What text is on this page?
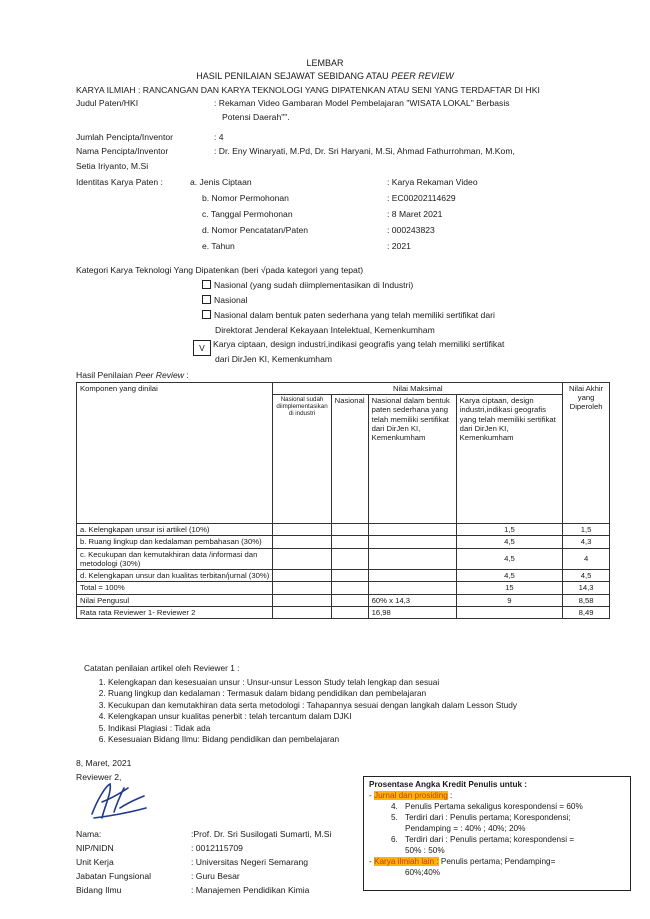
LEMBAR
HASIL PENILAIAN SEJAWAT SEBIDANG ATAU PEER REVIEW
KARYA ILMIAH : RANCANGAN DAN KARYA TEKNOLOGI YANG DIPATENKAN ATAU SENI YANG TERDAFTAR DI HKI
Judul Paten/HKI	: Rekaman Video Gambaran Model Pembelajaran "WISATA LOKAL" Berbasis
Potensi Daerah"".
Jumlah Pencipta/Inventor	: 4
Nama Pencipta/Inventor	: Dr. Eny Winaryati, M.Pd, Dr. Sri Haryani, M.Si, Ahmad Fathurrohman, M.Kom,
Setia Iriyanto, M.Si
Identitas Karya Paten :	a. Jenis Ciptaan	: Karya Rekaman Video
b. Nomor Permohonan	: EC00202114629
c. Tanggal Permohonan	: 8 Maret 2021
d. Nomor Pencatatan/Paten	: 000243823
e. Tahun	: 2021
Kategori Karya Teknologi Yang Dipatenkan (beri √pada kategori yang tepat)
Nasional (yang sudah diimplementasikan di Industri)
Nasional
Nasional dalam bentuk paten sederhana yang telah memiliki sertifikat dari
Direktorat Jenderal Kekayaan Intelektual, Kemenkumham
V Karya ciptaan, design industri,indikasi geografis yang telah memiliki sertifikat
dari DirJen KI, Kemenkumham
Hasil Penilaian Peer Review :
Komponen yang dinilai	Nilai Maksimal				Nilai Akhir yang Diperoleh
	Nasional sudah diimplementasikan di industri	Nasional	Nasional dalam bentuk paten sederhana yang telah memiliki sertifikat dari DirJen KI, Kemenkumham	Karya ciptaan, design industri,indikasi geografis yang telah memiliki sertifikat dari DirJen KI, Kemenkumham	
a. Kelengkapan unsur isi artikel (10%)				1,5	1,5
b. Ruang lingkup dan kedalaman pembahasan (30%)				4,5	4,3
c. Kecukupan dan kemutakhiran data /informasi dan metodologi (30%)				4,5	4
d. Kelengkapan unsur dan kualitas terbitan/jurnal (30%)				4,5	4,5
Total = 100%				15	14,3
Nilai Pengusul			60% x 14,3	9	8,58
Rata rata Reviewer 1- Reviewer 2			16,98		8,49
Catatan penilaian artikel oleh Reviewer 1 :
1. Kelengkapan dan kesesuaian unsur : Unsur-unsur Lesson Study telah lengkap dan sesuai
2. Ruang lingkup dan kedalaman : Termasuk dalam bidang pendidikan dan pembelajaran
3. Kecukupan dan kemutakhiran data serta metodologi : Tahapannya sesuai dengan langkah dalam Lesson Study
4. Kelengkapan unsur kualitas penerbit : telah tercantum dalam DJKI
5. Indikasi Plagiasi : Tidak ada
6. Kesesuaian Bidang Ilmu: Bidang pendidikan dan pembelajaran
8, Maret, 2021
Reviewer 2,
Nama:	:Prof. Dr. Sri Susilogati Sumarti, M.Si
NIP/NIDN	: 0012115709
Unit Kerja	: Universitas Negeri Semarang
Jabatan Fungsional	: Guru Besar
Bidang Ilmu	: Manajemen Pendidikan Kimia
Prosentase Angka Kredit Penulis untuk :
- Jurnal dan prosiding :
4. Penulis Pertama sekaligus korespondensi = 60%
5. Terdiri dari : Penulis pertama; Korespondensi;
Pendamping = : 40% ; 40%; 20%
6. Terdiri dari : Penulis pertama; korespondensi =
50% : 50%
- Karya ilmiah lain : Penulis pertama; Pendamping=
60%;40%
